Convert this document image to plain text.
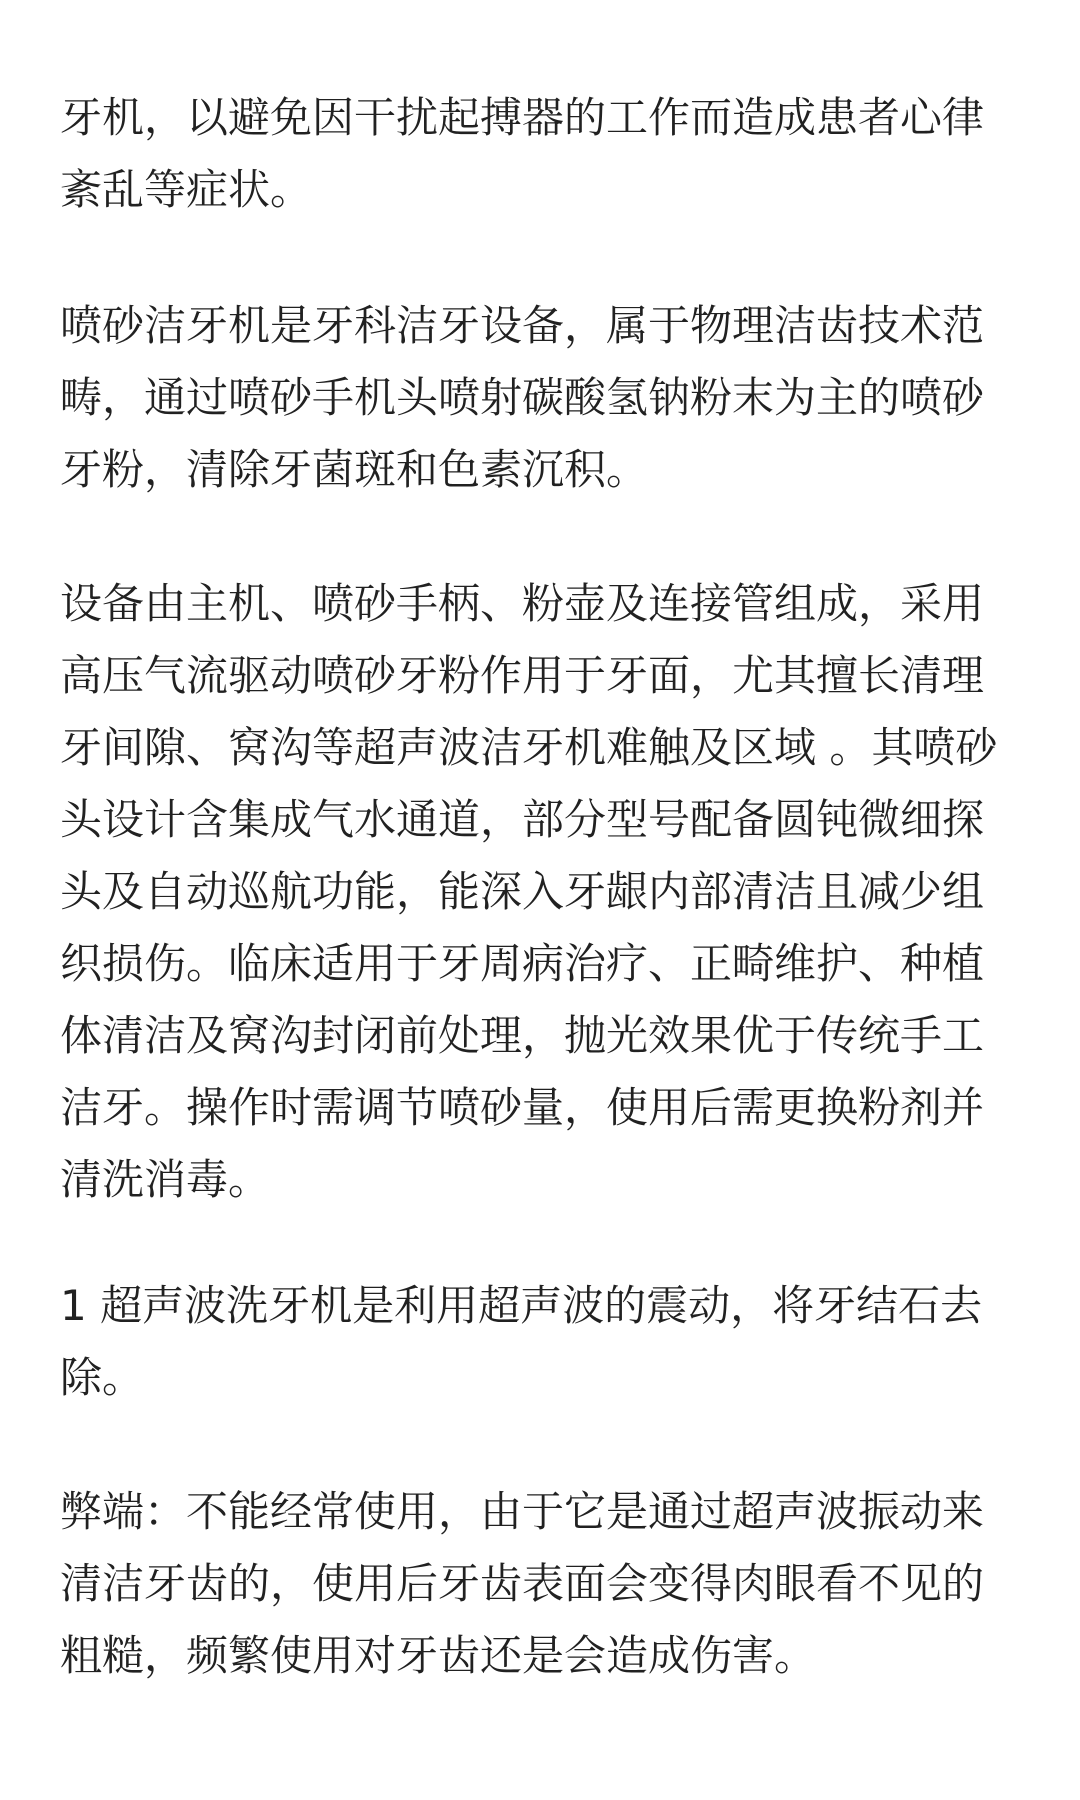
牙机，以避免因干扰起搏器的工作而造成患者心律紊乱等症状。

喷砂洁牙机是牙科洁牙设备，属于物理洁齿技术范畴，通过喷砂手机头喷射碳酸氢钠粉末为主的喷砂牙粉，清除牙菌斑和色素沉积。

设备由主机、喷砂手柄、粉壶及连接管组成，采用高压气流驱动喷砂牙粉作用于牙面，尤其擅长清理牙间隙、窝沟等超声波洁牙机难触及区域 。其喷砂头设计含集成气水通道，部分型号配备圆钝微细探头及自动巡航功能，能深入牙龈内部清洁且减少组织损伤。临床适用于牙周病治疗、正畸维护、种植体清洁及窝沟封闭前处理，抛光效果优于传统手工洁牙。操作时需调节喷砂量，使用后需更换粉剂并清洗消毒。

1 超声波洗牙机是利用超声波的震动，将牙结石去除。

弊端：不能经常使用，由于它是通过超声波振动来清洁牙齿的，使用后牙齿表面会变得肉眼看不见的粗糙，频繁使用对牙齿还是会造成伤害。
